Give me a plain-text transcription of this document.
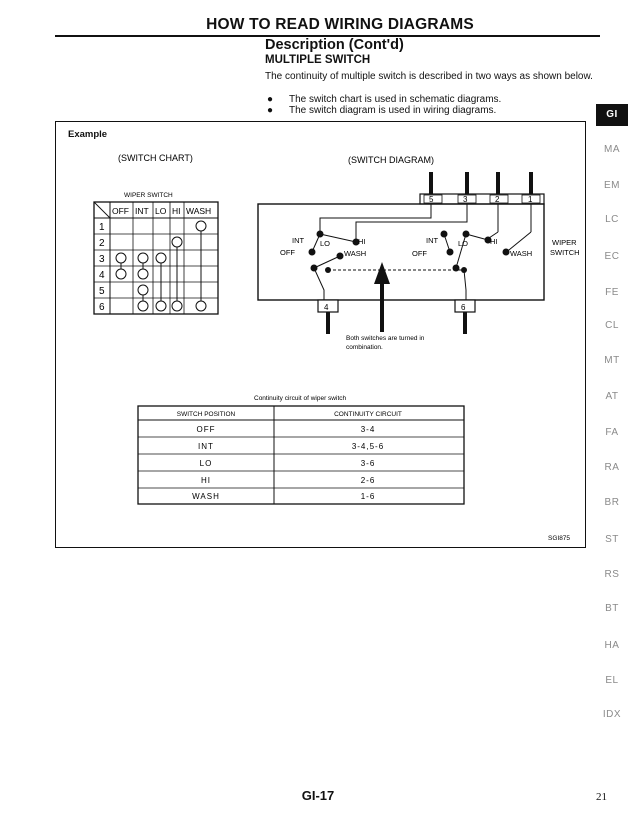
HOW TO READ WIRING DIAGRAMS
Description (Cont'd)
MULTIPLE SWITCH
The continuity of multiple switch is described in two ways as shown below.
● The switch chart is used in schematic diagrams.
● The switch diagram is used in wiring diagrams.
Example
(SWITCH CHART)
WIPER SWITCH
OFF INT LO HI WASH
1
2
3
4
5
6
(SWITCH DIAGRAM)
5	3	2	1
INT LO	HI
OFF	WASH
INT	LO	HI
OFF	WASH
WIPER
SWITCH
4	6
Both switches are turned in
combination.
Continuity circuit of wiper switch
SWITCH POSITION	CONTINUITY CIRCUIT
OFF	3-4
INT	3-4,5-6
LO	3-6
HI	2-6
WASH	1-6
SGI875
GI
MA
EM
LC
EC
FE
CL
MT
AT
FA
RA
BR
ST
RS
BT
HA
EL
IDX
GI-17	21
